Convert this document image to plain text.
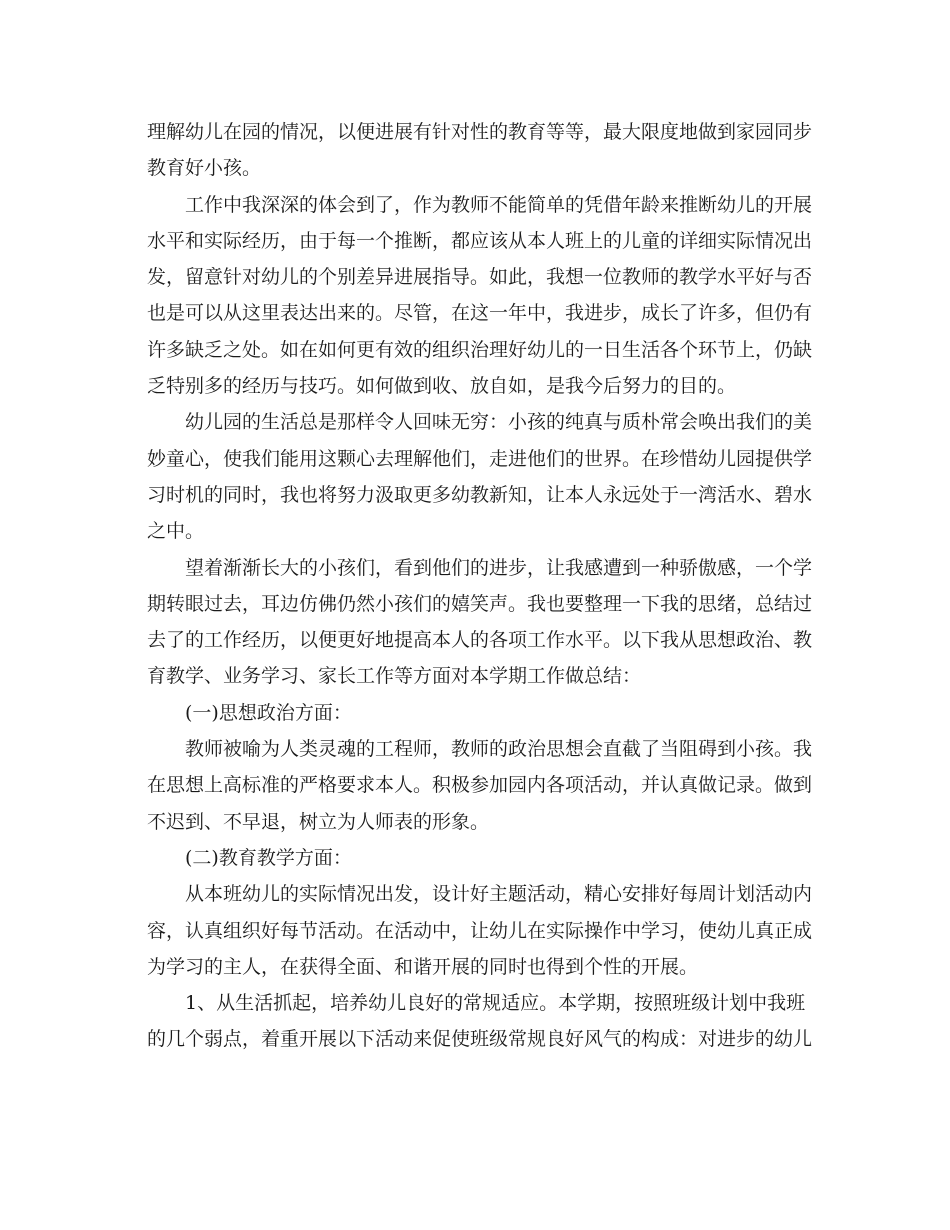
理解幼儿在园的情况，以便进展有针对性的教育等等，最大限度地做到家园同步
教育好小孩。
工作中我深深的体会到了，作为教师不能简单的凭借年龄来推断幼儿的开展
水平和实际经历，由于每一个推断，都应该从本人班上的儿童的详细实际情况出
发，留意针对幼儿的个别差异进展指导。如此，我想一位教师的教学水平好与否
也是可以从这里表达出来的。尽管，在这一年中，我进步，成长了许多，但仍有
许多缺乏之处。如在如何更有效的组织治理好幼儿的一日生活各个环节上，仍缺
乏特别多的经历与技巧。如何做到收、放自如，是我今后努力的目的。
幼儿园的生活总是那样令人回味无穷：小孩的纯真与质朴常会唤出我们的美
妙童心，使我们能用这颗心去理解他们，走进他们的世界。在珍惜幼儿园提供学
习时机的同时，我也将努力汲取更多幼教新知，让本人永远处于一湾活水、碧水
之中。
望着渐渐长大的小孩们，看到他们的进步，让我感遭到一种骄傲感，一个学
期转眼过去，耳边仿佛仍然小孩们的嬉笑声。我也要整理一下我的思绪，总结过
去了的工作经历，以便更好地提高本人的各项工作水平。以下我从思想政治、教
育教学、业务学习、家长工作等方面对本学期工作做总结：
(一)思想政治方面：
教师被喻为人类灵魂的工程师，教师的政治思想会直截了当阻碍到小孩。我
在思想上高标准的严格要求本人。积极参加园内各项活动，并认真做记录。做到
不迟到、不早退，树立为人师表的形象。
(二)教育教学方面：
从本班幼儿的实际情况出发，设计好主题活动，精心安排好每周计划活动内
容，认真组织好每节活动。在活动中，让幼儿在实际操作中学习，使幼儿真正成
为学习的主人，在获得全面、和谐开展的同时也得到个性的开展。
1、从生活抓起，培养幼儿良好的常规适应。本学期，按照班级计划中我班
的几个弱点，着重开展以下活动来促使班级常规良好风气的构成：对进步的幼儿
